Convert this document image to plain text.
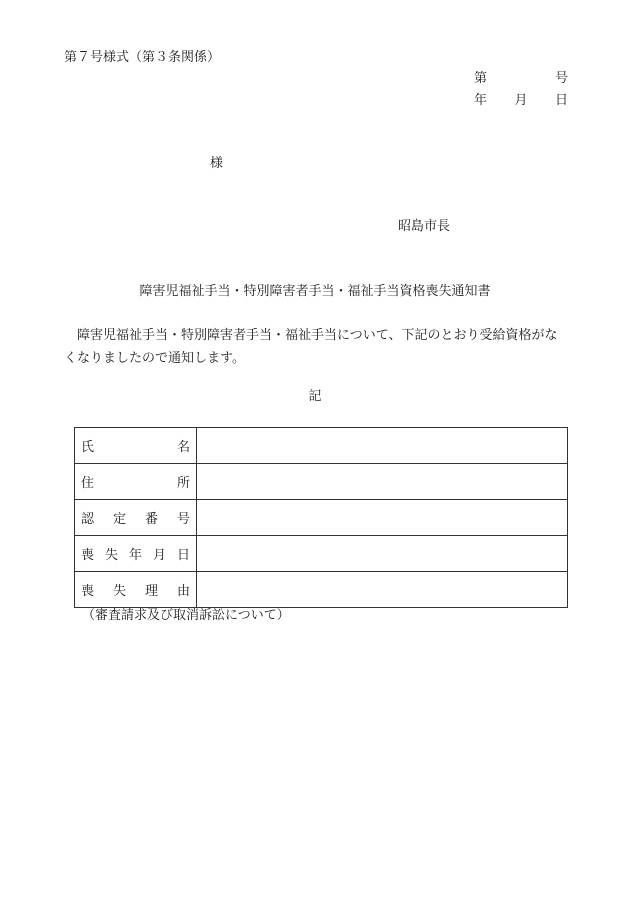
第７号様式（第３条関係）
第	号
年 月 日
様
昭島市長
障害児福祉手当・特別障害者手当・福祉手当資格喪失通知書
障害児福祉手当・特別障害者手当・福祉手当について、下記のとおり受給資格がなくなりましたので通知します。
記
氏 名	

住 所	

認 定 番 号	

喪 失 年 月 日	

喪 失 理 由	

（審査請求及び取消訴訟について）
